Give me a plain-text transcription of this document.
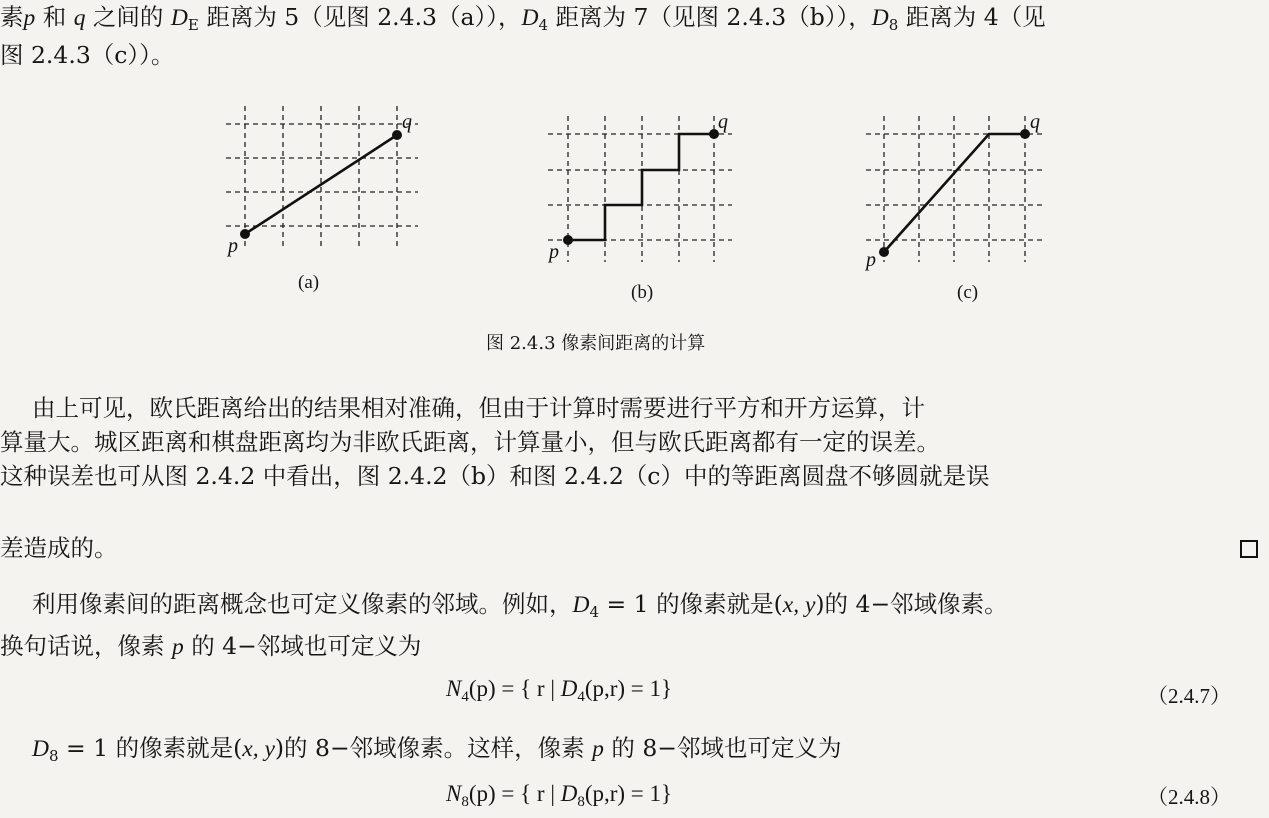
素p 和 q 之间的 $D_E$ 距离为 5（见图 2.4.3（a）），$D_4$ 距离为 7（见图 2.4.3（b）），$D_8$ 距离为 4（见
图 2.4.3（c））。
p
q
p
q
p
q
(a)	(b)	(c)
图 2.4.3 像素间距离的计算
由上可见，欧氏距离给出的结果相对准确，但由于计算时需要进行平方和开方运算，计
算量大。城区距离和棋盘距离均为非欧氏距离，计算量小，但与欧氏距离都有一定的误差。
这种误差也可从图 2.4.2 中看出，图 2.4.2（b）和图 2.4.2（c）中的等距离圆盘不够圆就是误
差造成的。
利用像素间的距离概念也可定义像素的邻域。例如，$D_4 = 1$ 的像素就是(x, y)的 4−邻域像素。
换句话说，像素 p 的 4−邻域也可定义为
$N_4(p)$ = { r | $D_4(p,r) = 1$}	（2.4.7）
$D_8 = 1$ 的像素就是(x, y)的 8−邻域像素。这样，像素 p 的 8−邻域也可定义为
$N_8(p)$ = { r | $D_8(p,r) = 1$}	（2.4.8）
